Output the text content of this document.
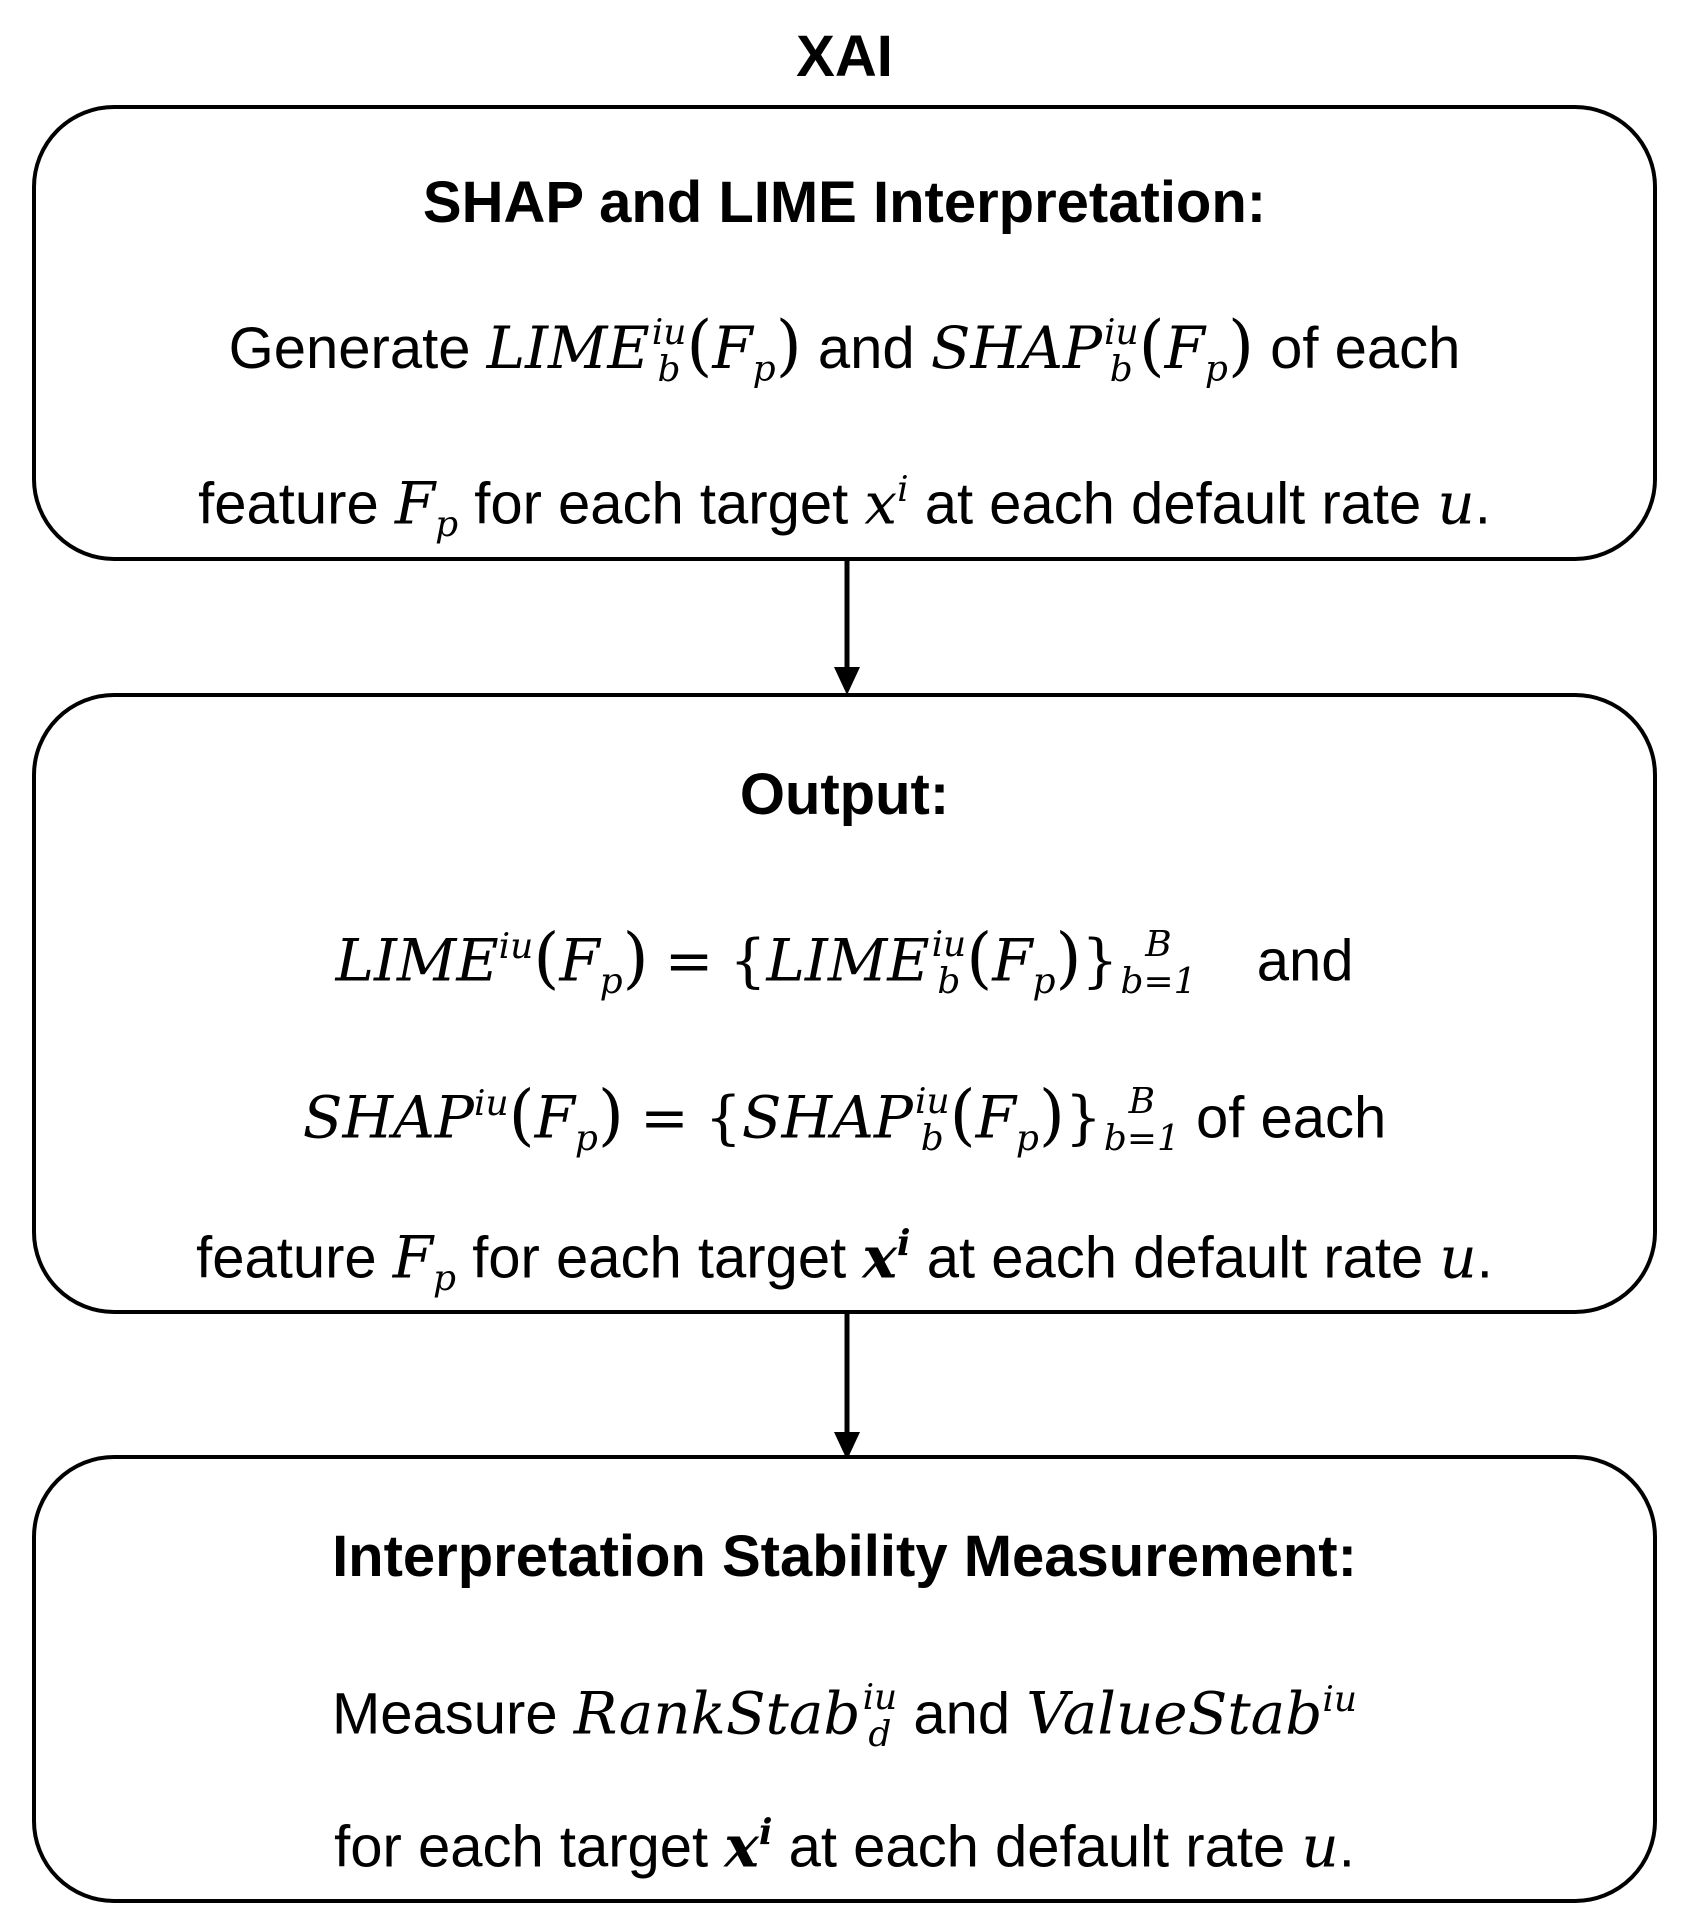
XAI
SHAP and LIME Interpretation:
Generate LIME iu
b $(F_p)$ and SHAP iu
b $(F_p)$ of each
feature $F_p$ for each target $x^i$ at each default rate u.
Output:
$LIME^{iu}(F_p)$ = {LIME iu
b $(F_p)$} B
b=1 and
$SHAP^{iu}(F_p)$ = {SHAP iu
b $(F_p)$} B
b=1 of each
feature $F_p$ for each target $x^i$ at each default rate u.
Interpretation Stability Measurement:
Measure RankStab iu
d and ValueStab$^{iu}$
for each target $x^i$ at each default rate u.
